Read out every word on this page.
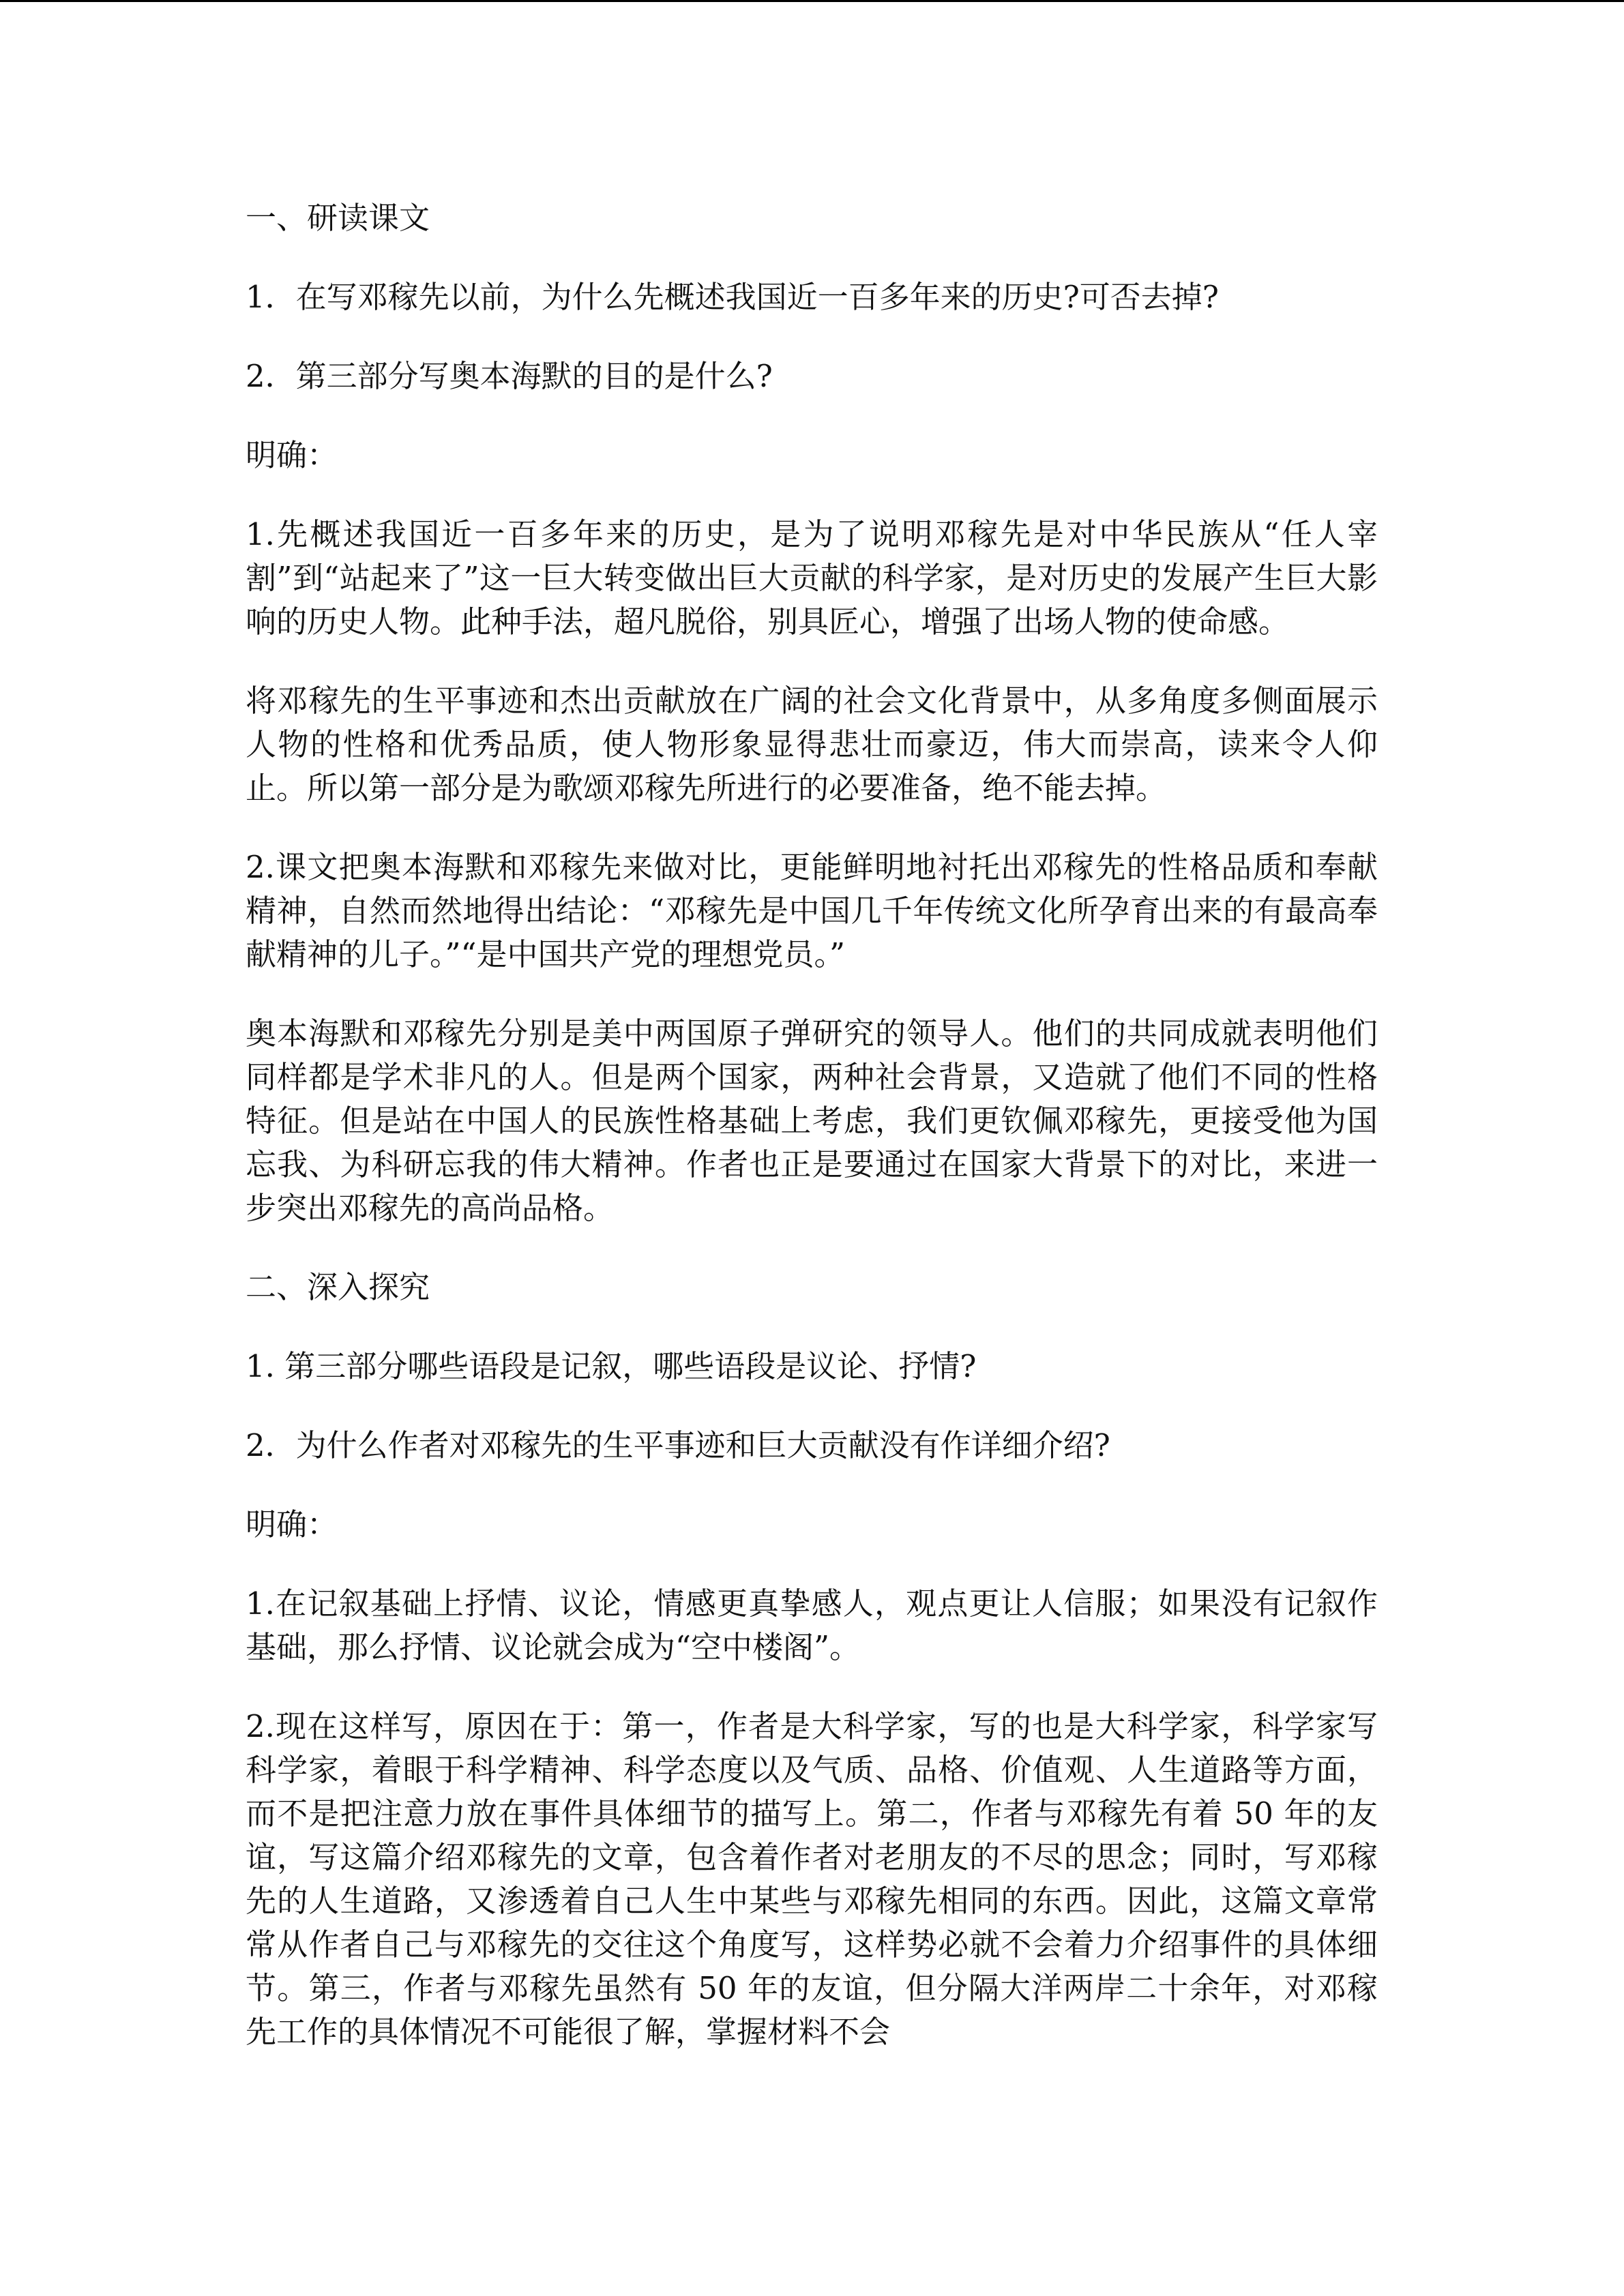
一、研读课文

1．在写邓稼先以前，为什么先概述我国近一百多年来的历史?可否去掉?

2．第三部分写奥本海默的目的是什么?

明确：

1.先概述我国近一百多年来的历史，是为了说明邓稼先是对中华民族从“任人宰割”到“站起来了”这一巨大转变做出巨大贡献的科学家，是对历史的发展产生巨大影响的历史人物。此种手法，超凡脱俗，别具匠心，增强了出场人物的使命感。

将邓稼先的生平事迹和杰出贡献放在广阔的社会文化背景中，从多角度多侧面展示人物的性格和优秀品质，使人物形象显得悲壮而豪迈，伟大而崇高，读来令人仰止。所以第一部分是为歌颂邓稼先所进行的必要准备，绝不能去掉。

2.课文把奥本海默和邓稼先来做对比，更能鲜明地衬托出邓稼先的性格品质和奉献精神，自然而然地得出结论：“邓稼先是中国几千年传统文化所孕育出来的有最高奉献精神的儿子。”“是中国共产党的理想党员。”

奥本海默和邓稼先分别是美中两国原子弹研究的领导人。他们的共同成就表明他们同样都是学术非凡的人。但是两个国家，两种社会背景，又造就了他们不同的性格特征。但是站在中国人的民族性格基础上考虑，我们更钦佩邓稼先，更接受他为国忘我、为科研忘我的伟大精神。作者也正是要通过在国家大背景下的对比，来进一步突出邓稼先的高尚品格。

二、深入探究

1. 第三部分哪些语段是记叙，哪些语段是议论、抒情?

2．为什么作者对邓稼先的生平事迹和巨大贡献没有作详细介绍?

明确：

1.在记叙基础上抒情、议论，情感更真挚感人，观点更让人信服；如果没有记叙作基础，那么抒情、议论就会成为“空中楼阁”。

2.现在这样写，原因在于：第一，作者是大科学家，写的也是大科学家，科学家写科学家，着眼于科学精神、科学态度以及气质、品格、价值观、人生道路等方面，而不是把注意力放在事件具体细节的描写上。第二，作者与邓稼先有着 50 年的友谊，写这篇介绍邓稼先的文章，包含着作者对老朋友的不尽的思念；同时，写邓稼先的人生道路，又渗透着自己人生中某些与邓稼先相同的东西。因此，这篇文章常常从作者自己与邓稼先的交往这个角度写，这样势必就不会着力介绍事件的具体细节。第三，作者与邓稼先虽然有 50 年的友谊，但分隔大洋两岸二十余年，对邓稼先工作的具体情况不可能很了解，掌握材料不会
